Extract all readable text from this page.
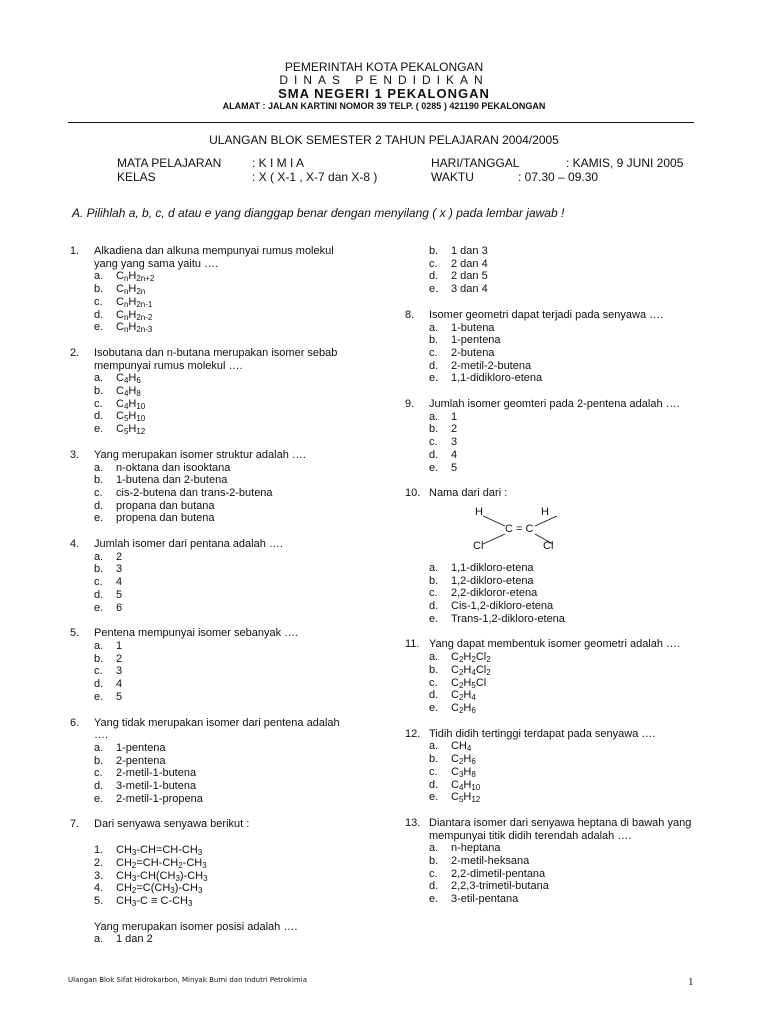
PEMERINTAH KOTA PEKALONGAN
DINAS PENDIDIKAN
SMA NEGERI 1 PEKALONGAN
ALAMAT : JALAN KARTINI NOMOR 39 TELP. ( 0285 ) 421190 PEKALONGAN
ULANGAN BLOK SEMESTER 2 TAHUN PELAJARAN 2004/2005
MATA PELAJARAN	: K I M I A
KELAS	: X ( X-1 , X-7 dan X-8 )
HARI/TANGGAL	: KAMIS, 9 JUNI 2005
WAKTU	: 07.30 – 09.30
A. Pilihlah a, b, c, d atau e yang dianggap benar dengan menyilang ( x ) pada lembar jawab !
1. Alkadiena dan alkuna mempunyai rumus molekul yang yang sama yaitu ….
a. $C_nH_{2n+2}$
b. $C_nH_{2n}$
c. $C_nH_{2n-1}$
d. $C_nH_{2n-2}$
e. $C_nH_{2n-3}$
2. Isobutana dan n-butana merupakan isomer sebab mempunyai rumus molekul ….
a. $C_4H_6$
b. $C_4H_8$
c. $C_4H_{10}$
d. $C_5H_{10}$
e. $C_5H_{12}$
3. Yang merupakan isomer struktur adalah ….
a. n-oktana dan isooktana
b. 1-butena dan 2-butena
c. cis-2-butena dan trans-2-butena
d. propana dan butana
e. propena dan butena
4. Jumlah isomer dari pentana adalah ….
a. 2
b. 3
c. 4
d. 5
e. 6
5. Pentena mempunyai isomer sebanyak ….
a. 1
b. 2
c. 3
d. 4
e. 5
6. Yang tidak merupakan isomer dari pentena adalah ….
a. 1-pentena
b. 2-pentena
c. 2-metil-1-butena
d. 3-metil-1-butena
e. 2-metil-1-propena
7. Dari senyawa senyawa berikut :
1. $CH_3-CH=CH-CH_3$
2. $CH_2=CH-CH_2-CH_3$
3. $CH_3-CH(CH_3)-CH_3$
4. $CH_2=C(CH_3)-CH_3$
5. $CH_3-C \equiv C-CH_3$
Yang merupakan isomer posisi adalah ….
a. 1 dan 2
b. 1 dan 3
c. 2 dan 4
d. 2 dan 5
e. 3 dan 4
8. Isomer geometri dapat terjadi pada senyawa ….
a. 1-butena
b. 1-pentena
c. 2-butena
d. 2-metil-2-butena
e. 1,1-didikloro-etena
9. Jumlah isomer geomteri pada 2-pentena adalah ….
a. 1
b. 2
c. 3
d. 4
e. 5
10. Nama dari dari :
H	H
C = C
Cl	Cl
a. 1,1-dikloro-etena
b. 1,2-dikloro-etena
c. 2,2-dikloror-etena
d. Cis-1,2-dikloro-etena
e. Trans-1,2-dikloro-etena
11. Yang dapat membentuk isomer geometri adalah ….
a. $C_2H_2Cl_2$
b. $C_2H_4Cl_2$
c. $C_2H_5Cl$
d. $C_2H_4$
e. $C_2H_6$
12. Tidih didih tertinggi terdapat pada senyawa ….
a. $CH_4$
b. $C_2H_6$
c. $C_3H_8$
d. $C_4H_{10}$
e. $C_5H_{12}$
13. Diantara isomer dari senyawa heptana di bawah yang mempunyai titik didih terendah adalah ….
a. n-heptana
b. 2-metil-heksana
c. 2,2-dimetil-pentana
d. 2,2,3-trimetil-butana
e. 3-etil-pentana
Ulangan Blok Sifat Hidrokarbon, Minyak Bumi dan Indutri Petrokimia	1
